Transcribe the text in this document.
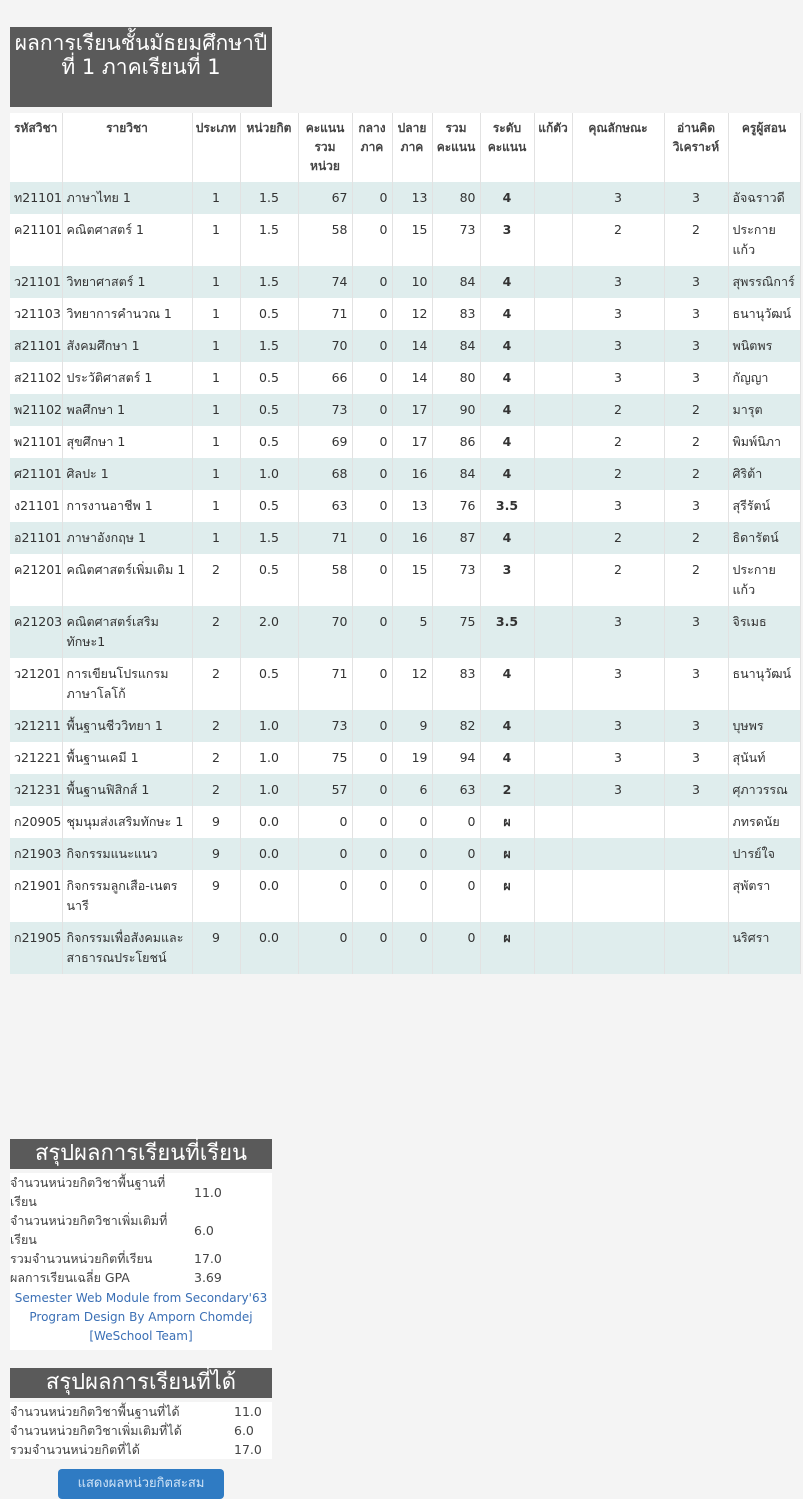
ผลการเรียนชั้นมัธยมศึกษาปีที่ 1 ภาคเรียนที่ 1
รหัสวิชา	รายวิชา	ประเภท	หน่วยกิต	คะแนนรวมหน่วย	กลางภาค	ปลายภาค	รวมคะแนน	ระดับคะแนน	แก้ตัว	คุณลักษณะ	อ่านคิดวิเคราะห์	ครูผู้สอน
ท21101	ภาษาไทย 1	1	1.5	67	0	13	80	4		3	3	อัจฉราวดี
ค21101	คณิตศาสตร์ 1	1	1.5	58	0	15	73	3		2	2	ประกายแก้ว
ว21101	วิทยาศาสตร์ 1	1	1.5	74	0	10	84	4		3	3	สุพรรณิการ์
ว21103	วิทยาการคำนวณ 1	1	0.5	71	0	12	83	4		3	3	ธนานุวัฒน์
ส21101	สังคมศึกษา 1	1	1.5	70	0	14	84	4		3	3	พนิตพร
ส21102	ประวัติศาสตร์ 1	1	0.5	66	0	14	80	4		3	3	กัญญา
พ21102	พลศึกษา 1	1	0.5	73	0	17	90	4		2	2	มารุต
พ21101	สุขศึกษา 1	1	0.5	69	0	17	86	4		2	2	พิมพ์นิภา
ศ21101	ศิลปะ 1	1	1.0	68	0	16	84	4		2	2	ศิริต้า
ง21101	การงานอาชีพ 1	1	0.5	63	0	13	76	3.5		3	3	สุรีรัตน์
อ21101	ภาษาอังกฤษ 1	1	1.5	71	0	16	87	4		2	2	ธิดารัตน์
ค21201	คณิตศาสตร์เพิ่มเติม 1	2	0.5	58	0	15	73	3		2	2	ประกายแก้ว
ค21203	คณิตศาสตร์เสริมทักษะ1	2	2.0	70	0	5	75	3.5		3	3	จิรเมธ
ว21201	การเขียนโปรแกรมภาษาโลโก้	2	0.5	71	0	12	83	4		3	3	ธนานุวัฒน์
ว21211	พื้นฐานชีววิทยา 1	2	1.0	73	0	9	82	4		3	3	บุษพร
ว21221	พื้นฐานเคมี 1	2	1.0	75	0	19	94	4		3	3	สุนันท์
ว21231	พื้นฐานฟิสิกส์ 1	2	1.0	57	0	6	63	2		3	3	ศุภาวรรณ
ก20905	ชุมนุมส่งเสริมทักษะ 1	9	0.0	0	0	0	0	ผ				ภทรดนัย
ก21903	กิจกรรมแนะแนว	9	0.0	0	0	0	0	ผ				ปารย์ใจ
ก21901	กิจกรรมลูกเสือ-เนตรนารี	9	0.0	0	0	0	0	ผ				สุพัตรา
ก21905	กิจกรรมเพื่อสังคมและสาธารณประโยชน์	9	0.0	0	0	0	0	ผ				นริศรา
สรุปผลการเรียนที่เรียน
จำนวนหน่วยกิตวิชาพื้นฐานที่เรียน
11.0
จำนวนหน่วยกิตวิชาเพิ่มเติมที่เรียน
6.0
รวมจำนวนหน่วยกิตที่เรียน	17.0
ผลการเรียนเฉลี่ย GPA	3.69
Semester Web Module from Secondary'63 Program Design By Amporn Chomdej [WeSchool Team]
สรุปผลการเรียนที่ได้
จำนวนหน่วยกิตวิชาพื้นฐานที่ได้	11.0
จำนวนหน่วยกิตวิชาเพิ่มเติมที่ได้	6.0
รวมจำนวนหน่วยกิตที่ได้	17.0
แสดงผลหน่วยกิตสะสม
